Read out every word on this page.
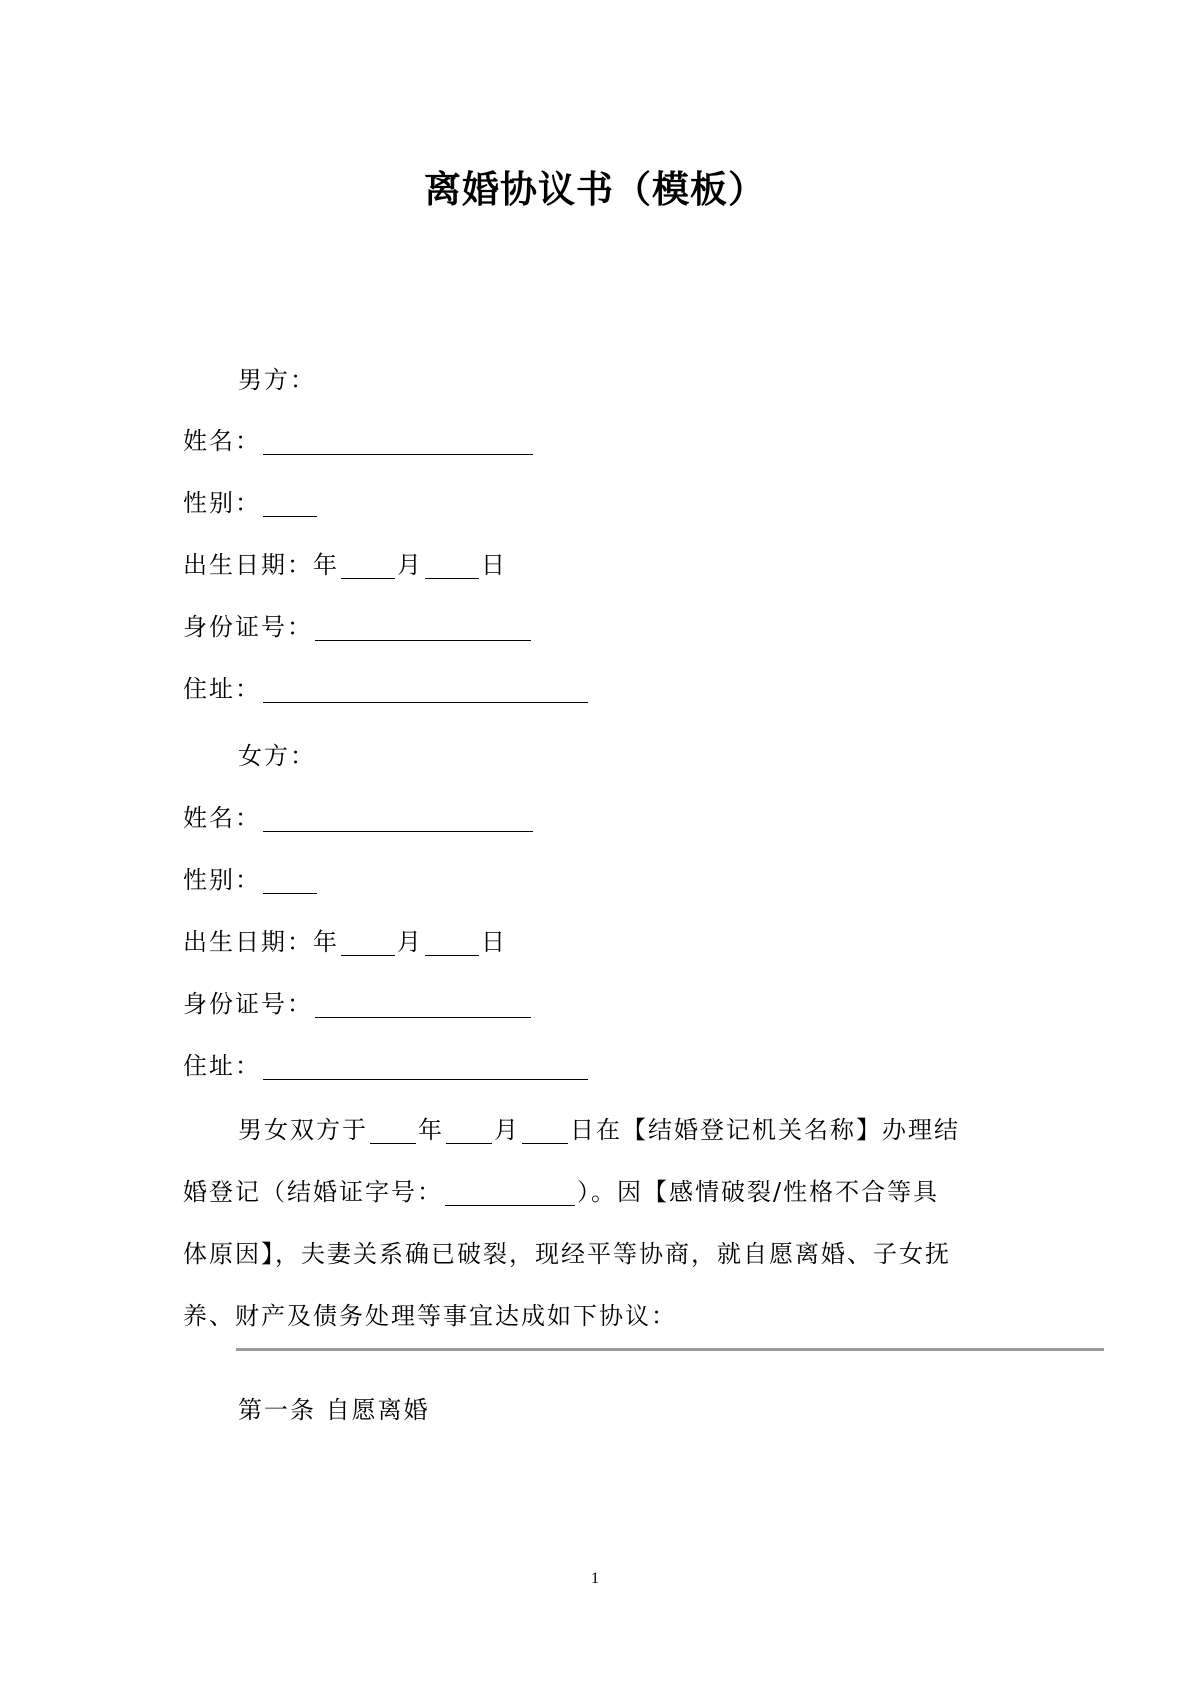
离婚协议书（模板）
男方：
姓名：
性别：
出生日期：年 月 日
身份证号：
住址：
女方：
姓名：
性别：
出生日期：年 月 日
身份证号：
住址：
男女双方于 年 月 日在【结婚登记机关名称】办理结
婚登记（结婚证字号：	）。因【感情破裂/性格不合等具
体原因】，夫妻关系确已破裂，现经平等协商，就自愿离婚、子女抚
养、财产及债务处理等事宜达成如下协议：
第一条 自愿离婚
1
